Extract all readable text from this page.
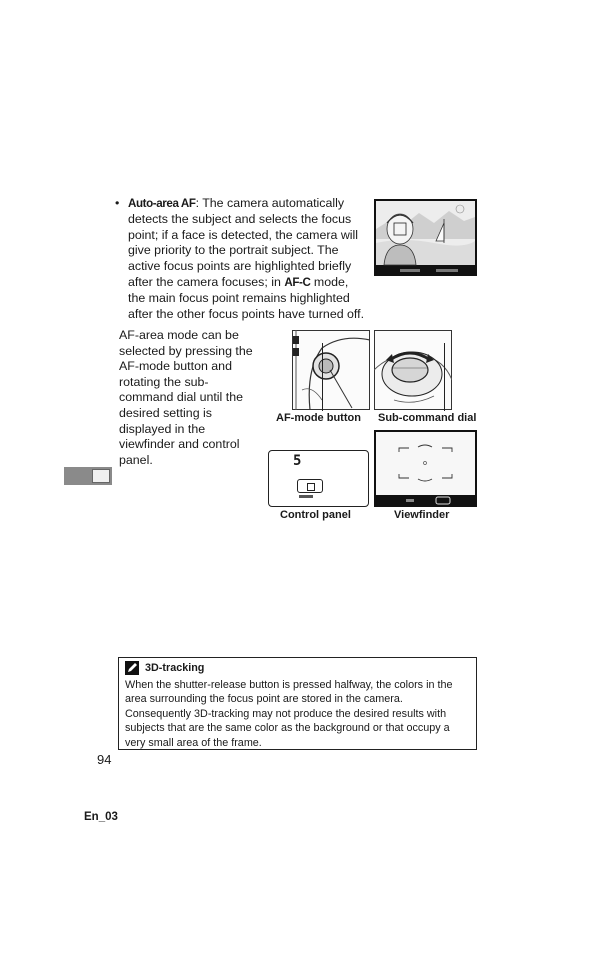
• Auto-area AF: The camera automatically detects the subject and selects the focus point; if a face is detected, the camera will give priority to the portrait subject. The active focus points are highlighted briefly after the camera focuses; in AF-C mode, the main focus point remains highlighted after the other focus points have turned off.
AF-area mode can be selected by pressing the AF-mode button and rotating the sub-command dial until the desired setting is displayed in the viewfinder and control panel.
AF-mode button Sub-command dial
5
Control panel	Viewfinder
3D-tracking
When the shutter-release button is pressed halfway, the colors in the area surrounding the focus point are stored in the camera. Consequently 3D-tracking may not produce the desired results with subjects that are the same color as the background or that occupy a very small area of the frame.
94
En_03
